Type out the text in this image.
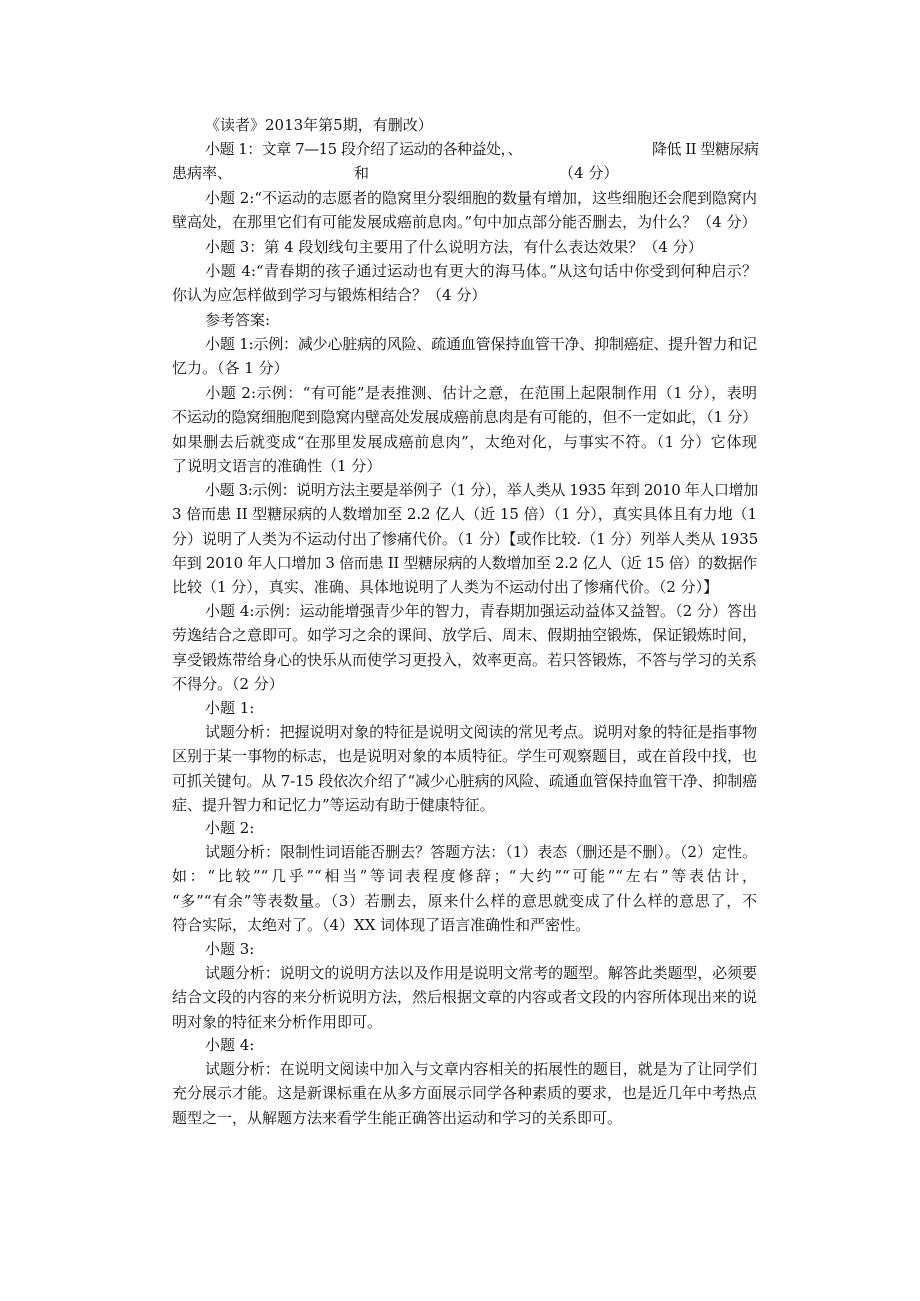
《读者》2013年第5期，有删改）

小题 1：文章 7—15 段介绍了运动的各种益处，、	降低 II 型糖尿病
患病率、	和	（4 分）

小题 2:“不运动的志愿者的隐窝里分裂细胞的数量有增加，这些细胞还会爬到隐窝内
壁高处，在那里它们有可能发展成癌前息肉。”句中加点部分能否删去，为什么？（4 分）

小题 3：第 4 段划线句主要用了什么说明方法，有什么表达效果？（4 分）

小题 4:“青春期的孩子通过运动也有更大的海马体。”从这句话中你受到何种启示？
你认为应怎样做到学习与锻炼相结合？（4 分）

参考答案:

小题 1:示例：减少心脏病的风险、疏通血管保持血管干净、抑制癌症、提升智力和记
忆力。（各 1 分）

小题 2:示例：“有可能”是表推测、估计之意，在范围上起限制作用（1 分），表明
不运动的隐窝细胞爬到隐窝内壁高处发展成癌前息肉是有可能的，但不一定如此，（1 分）
如果删去后就变成“在那里发展成癌前息肉”，太绝对化，与事实不符。（1 分）它体现
了说明文语言的准确性（1 分）

小题 3:示例：说明方法主要是举例子（1 分），举人类从 1935 年到 2010 年人口增加
3 倍而患 II 型糖尿病的人数增加至 2.2 亿人（近 15 倍）（1 分），真实具体且有力地（1
分）说明了人类为不运动付出了惨痛代价。（1 分）【或作比较.（1 分）列举人类从 1935
年到 2010 年人口增加 3 倍而患 II 型糖尿病的人数增加至 2.2 亿人（近 15 倍）的数据作
比较（1 分），真实、准确、具体地说明了人类为不运动付出了惨痛代价。（2 分）】

小题 4:示例：运动能增强青少年的智力，青春期加强运动益体又益智。（2 分）答出
劳逸结合之意即可。如学习之余的课间、放学后、周末、假期抽空锻炼，保证锻炼时间，
享受锻炼带给身心的快乐从而使学习更投入，效率更高。若只答锻炼，不答与学习的关系
不得分。（2 分）

小题 1:

试题分析：把握说明对象的特征是说明文阅读的常见考点。说明对象的特征是指事物
区别于某一事物的标志，也是说明对象的本质特征。学生可观察题目，或在首段中找，也
可抓关键句。从 7-15 段依次介绍了“减少心脏病的风险、疏通血管保持血管干净、抑制癌
症、提升智力和记忆力”等运动有助于健康特征。

小题 2:

试题分析：限制性词语能否删去？答题方法：（1）表态（删还是不删）。（2）定性。
如：“比较”“几乎”“相当”等词表程度修辞；“大约”“可能”“左右”等表估计，
“多”“有余”等表数量。（3）若删去，原来什么样的意思就变成了什么样的意思了，不
符合实际，太绝对了。（4）XX 词体现了语言准确性和严密性。

小题 3:

试题分析：说明文的说明方法以及作用是说明文常考的题型。解答此类题型，必须要
结合文段的内容的来分析说明方法，然后根据文章的内容或者文段的内容所体现出来的说
明对象的特征来分析作用即可。

小题 4:

试题分析：在说明文阅读中加入与文章内容相关的拓展性的题目，就是为了让同学们
充分展示才能。这是新课标重在从多方面展示同学各种素质的要求，也是近几年中考热点
题型之一，从解题方法来看学生能正确答出运动和学习的关系即可。
